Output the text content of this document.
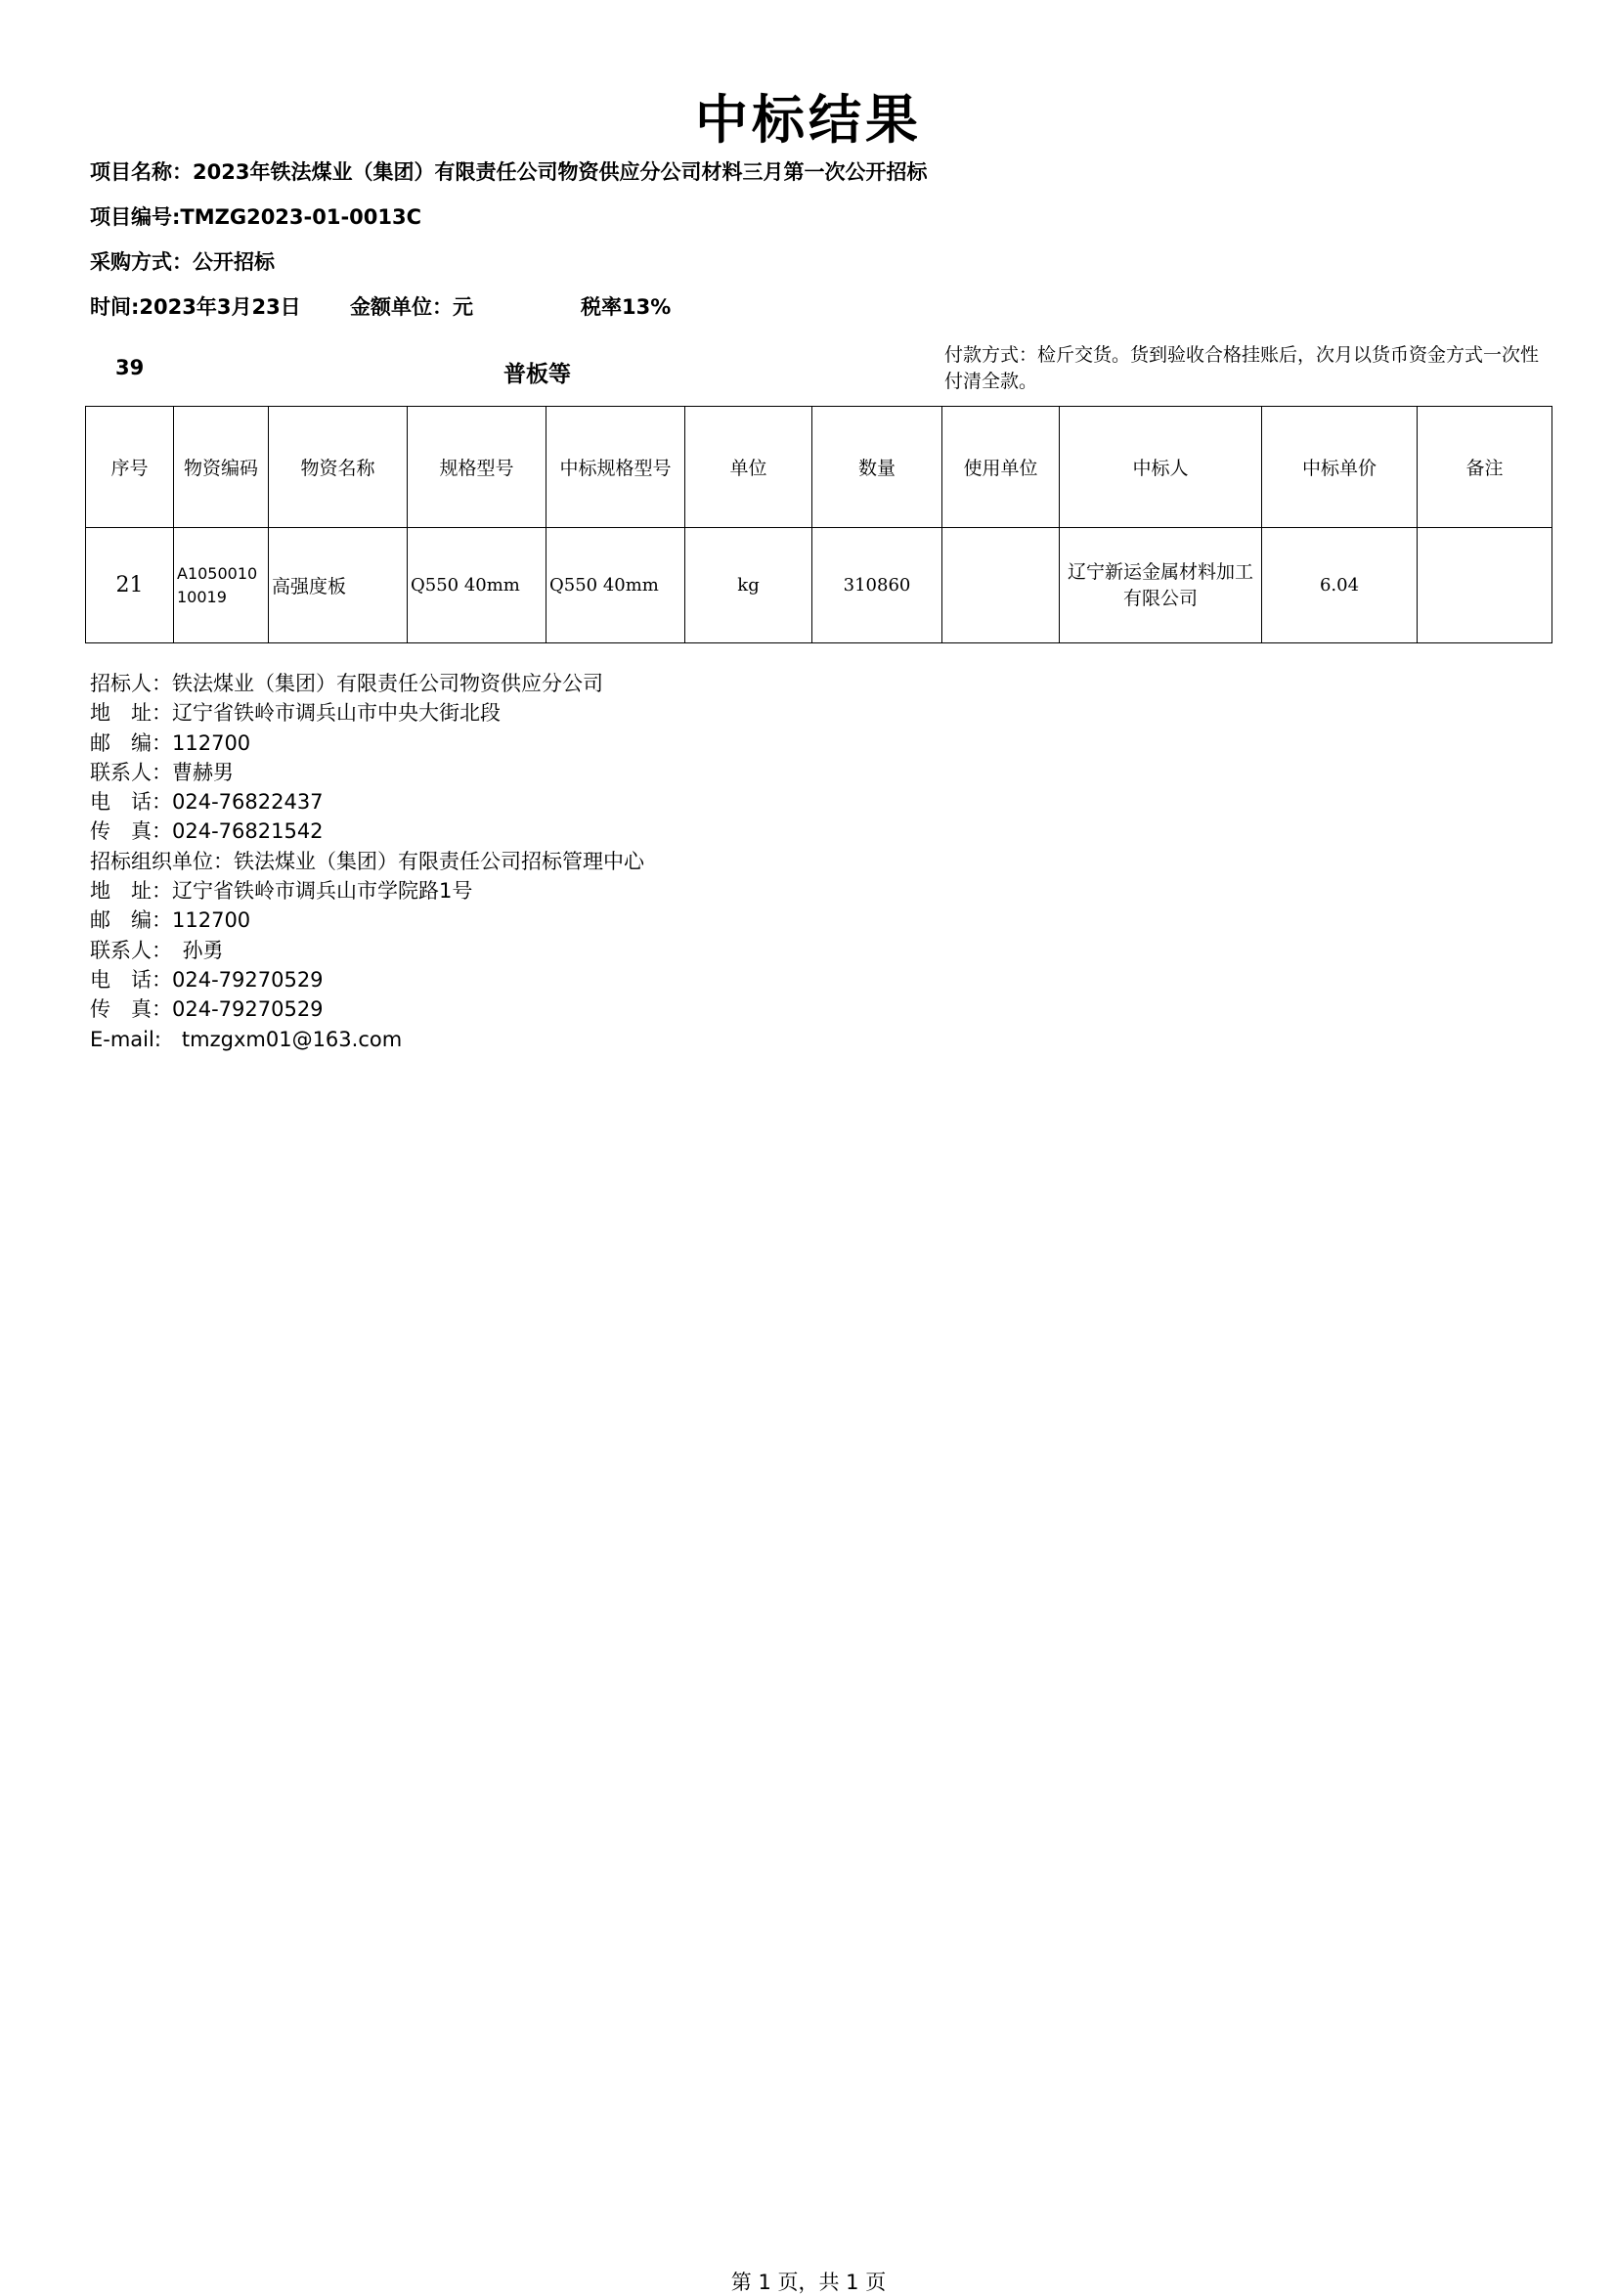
中标结果
项目名称：2023年铁法煤业（集团）有限责任公司物资供应分公司材料三月第一次公开招标
项目编号:TMZG2023-01-0013C
采购方式：公开招标
时间:2023年3月23日 金额单位：元	税率13%
39	普板等
付款方式：检斤交货。货到验收合格挂账后，次月以货币资金方式一次性付清全款。
序号	物资编码	物资名称	规格型号	中标规格型号	单位	数量	使用单位	中标人	中标单价	备注
21	A105001010019	高强度板	Q550 40mm	Q550 40mm	kg	310860		辽宁新运金属材料加工有限公司	6.04	
招标人：铁法煤业（集团）有限责任公司物资供应分公司
地　址：辽宁省铁岭市调兵山市中央大街北段
邮　编：112700
联系人：曹赫男
电　话：024-76822437
传　真：024-76821542
招标组织单位：铁法煤业（集团）有限责任公司招标管理中心
地　址：辽宁省铁岭市调兵山市学院路1号
邮　编：112700
联系人：　孙勇
电　话：024-79270529
传　真：024-79270529
E-mail:　tmzgxm01@163.com
第 1 页，共 1 页
